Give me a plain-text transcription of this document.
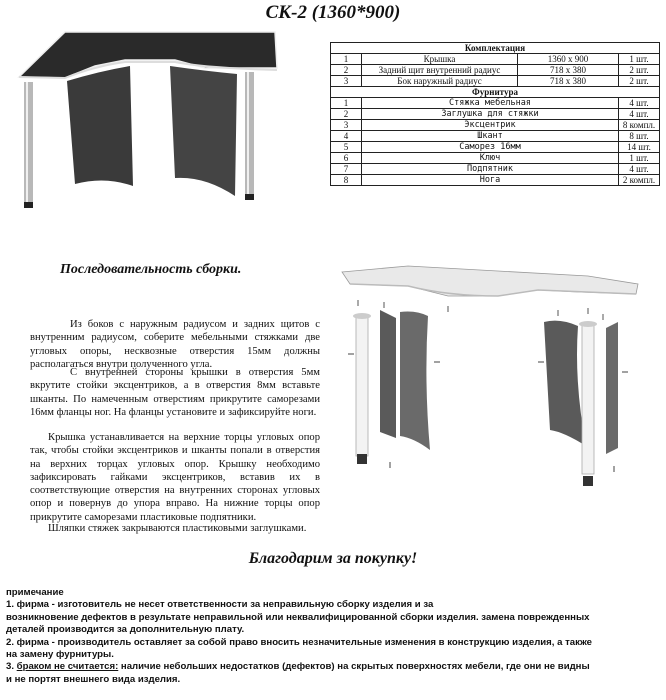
СК-2 (1360*900)
Комплектация			
1	Крышка	1360 x 900	1 шт.
2	Задний щит внутренний радиус	718 x 380	2 шт.
3	Бок наружный радиус	718 x 380	2 шт.
Фурнитура			
1	Стяжка мебельная		4 шт.
2	Заглушка для стяжки		4 шт.
3	Эксцентрик		8 компл.
4	Шкант		8 шт.
5	Саморез 16мм		14 шт.
6	Ключ		1 шт.
7	Подпятник		4 шт.
8	Нога		2 компл.
Последовательность сборки.

Из боков с наружным радиусом и задних щитов с внутренним радиусом, соберите мебельными стяжками две угловых опоры, несквозные отверстия 15мм должны располагаться внутри полученного угла.

С внутренней стороны крышки в отверстия 5мм вкрутите стойки эксцентриков, а в отверстия 8мм вставьте шканты. По намеченным отверстиям прикрутите саморезами 16мм фланцы ног. На фланцы установите и зафиксируйте ноги.

Крышка устанавливается на верхние торцы угловых опор так, чтобы стойки эксцентриков и шканты попали в отверстия на верхних торцах угловых опор. Крышку необходимо зафиксировать гайками эксцентриков, вставив их в соответствующие отверстия на внутренних сторонах угловых опор и повернув до упора вправо. На нижние торцы опор прикрутите саморезами пластиковые подпятники.

Шляпки стяжек закрываются пластиковыми заглушками.

Благодарим за покупку!
примечание
1. фирма - изготовитель не несет ответственности за неправильную сборку изделия и за
возникновение дефектов в результате неправильной или неквалифицированной сборки изделия. замена поврежденных
деталей производится за дополнительную плату.
2. фирма - производитель оставляет за собой право вносить незначительные изменения в конструкцию изделия, а также
на замену фурнитуры.
3. браком не считается: наличие небольших недостатков (дефектов) на скрытых поверхностях мебели, где они не видны
и не портят внешнего вида изделия.
